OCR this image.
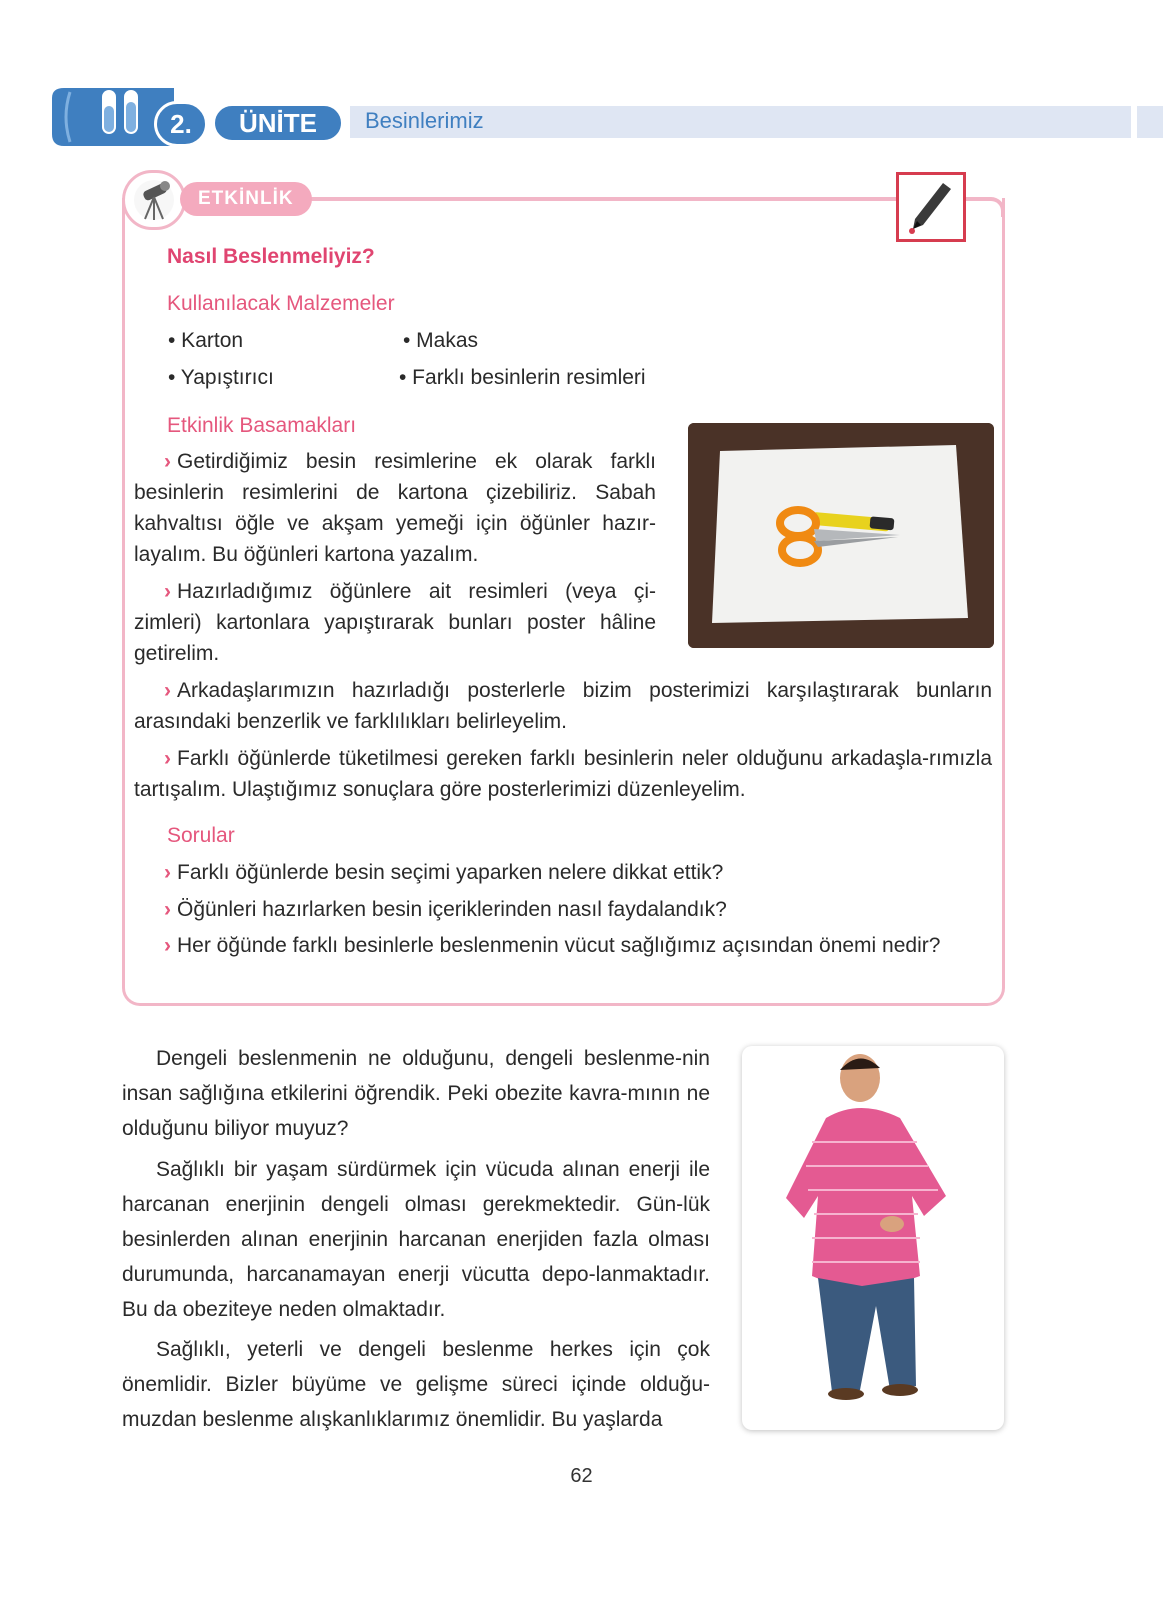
2.	ÜNİTE	Besinlerimiz
ETKİNLİK
Nasıl Beslenmeliyiz?
Kullanılacak Malzemeler
• Karton	• Makas
• Yapıştırıcı	• Farklı besinlerin resimleri
Etkinlik Basamakları
› Getirdiğimiz besin resimlerine ek olarak farklı besinlerin resimlerini de kartona çizebiliriz. Sabah kahvaltısı öğle ve akşam yemeği için öğünler hazır-layalım. Bu öğünleri kartona yazalım.
› Hazırladığımız öğünlere ait resimleri (veya çi-zimleri) kartonlara yapıştırarak bunları poster hâline getirelim.
› Arkadaşlarımızın hazırladığı posterlerle bizim posterimizi karşılaştırarak bunların arasındaki benzerlik ve farklılıkları belirleyelim.
› Farklı öğünlerde tüketilmesi gereken farklı besinlerin neler olduğunu arkadaşla-rımızla tartışalım. Ulaştığımız sonuçlara göre posterlerimizi düzenleyelim.
Sorular
› Farklı öğünlerde besin seçimi yaparken nelere dikkat ettik?
› Öğünleri hazırlarken besin içeriklerinden nasıl faydalandık?
› Her öğünde farklı besinlerle beslenmenin vücut sağlığımız açısından önemi nedir?
Dengeli beslenmenin ne olduğunu, dengeli beslenme-nin insan sağlığına etkilerini öğrendik. Peki obezite kavra-mının ne olduğunu biliyor muyuz?
Sağlıklı bir yaşam sürdürmek için vücuda alınan enerji ile harcanan enerjinin dengeli olması gerekmektedir. Gün-lük besinlerden alınan enerjinin harcanan enerjiden fazla olması durumunda, harcanamayan enerji vücutta depo-lanmaktadır. Bu da obeziteye neden olmaktadır.
Sağlıklı, yeterli ve dengeli beslenme herkes için çok önemlidir. Bizler büyüme ve gelişme süreci içinde olduğu-muzdan beslenme alışkanlıklarımız önemlidir. Bu yaşlarda
62
